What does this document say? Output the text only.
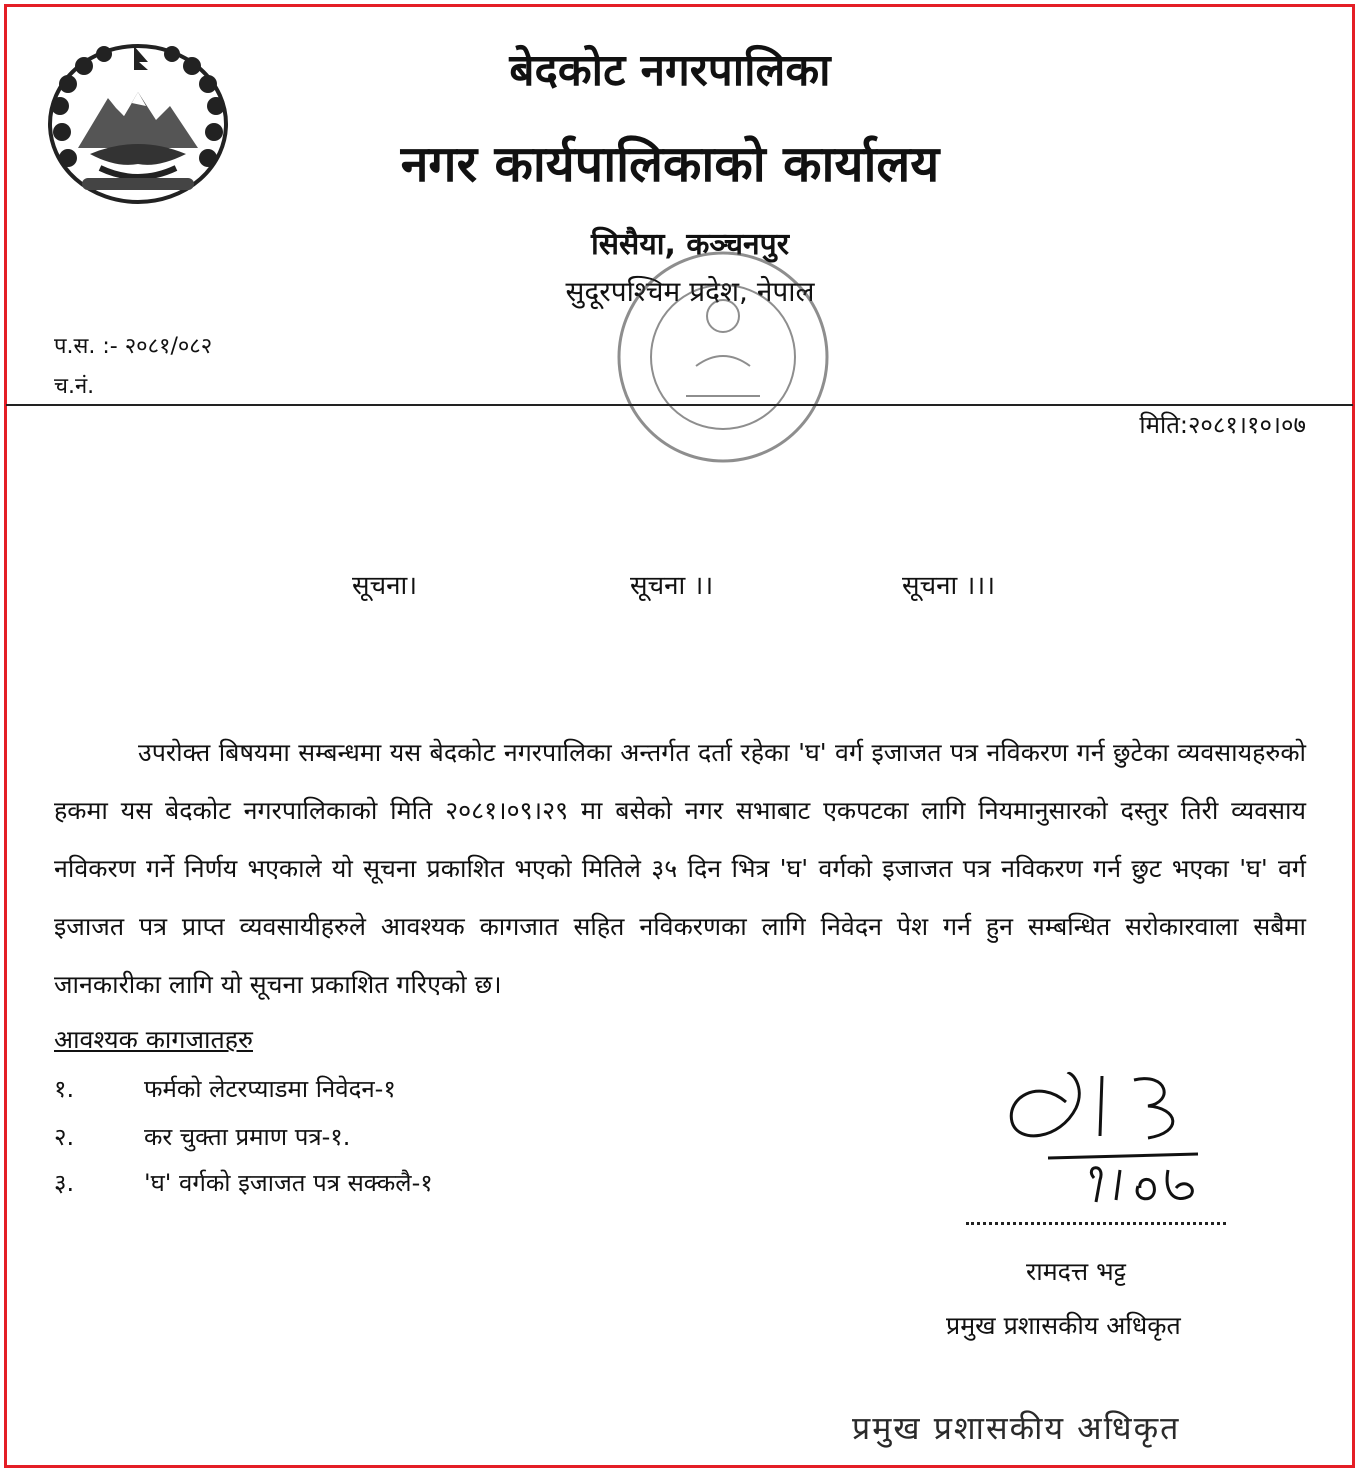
बेदकोट नगरपालिका
नगर कार्यपालिकाको कार्यालय
सिसैया, कञ्चनपुर
सुदूरपश्चिम प्रदेश, नेपाल
प.स. :- २०८१/०८२
च.नं.
मिति:२०८१।१०।०७
सूचना।	सूचना ।।	सूचना ।।।
उपरोक्त बिषयमा सम्बन्धमा यस बेदकोट नगरपालिका अन्तर्गत दर्ता रहेका 'घ' वर्ग इजाजत पत्र नविकरण गर्न छुटेका व्यवसायहरुको हकमा यस बेदकोट नगरपालिकाको मिति २०८१।०९।२९ मा बसेको नगर सभाबाट एकपटका लागि नियमानुसारको दस्तुर तिरी व्यवसाय नविकरण गर्ने निर्णय भएकाले यो सूचना प्रकाशित भएको मितिले ३५ दिन भित्र 'घ' वर्गको इजाजत पत्र नविकरण गर्न छुट भएका 'घ' वर्ग इजाजत पत्र प्राप्त व्यवसायीहरुले आवश्यक कागजात सहित नविकरणका लागि निवेदन पेश गर्न हुन सम्बन्धित सरोकारवाला सबैमा जानकारीका लागि यो सूचना प्रकाशित गरिएको छ।
आवश्यक कागजातहरु
१.	फर्मको लेटरप्याडमा निवेदन-१
२.	कर चुक्ता प्रमाण पत्र-१.
३.	'घ' वर्गको इजाजत पत्र सक्कलै-१
रामदत्त भट्ट
प्रमुख प्रशासकीय अधिकृत
प्रमुख प्रशासकीय अधिकृत
